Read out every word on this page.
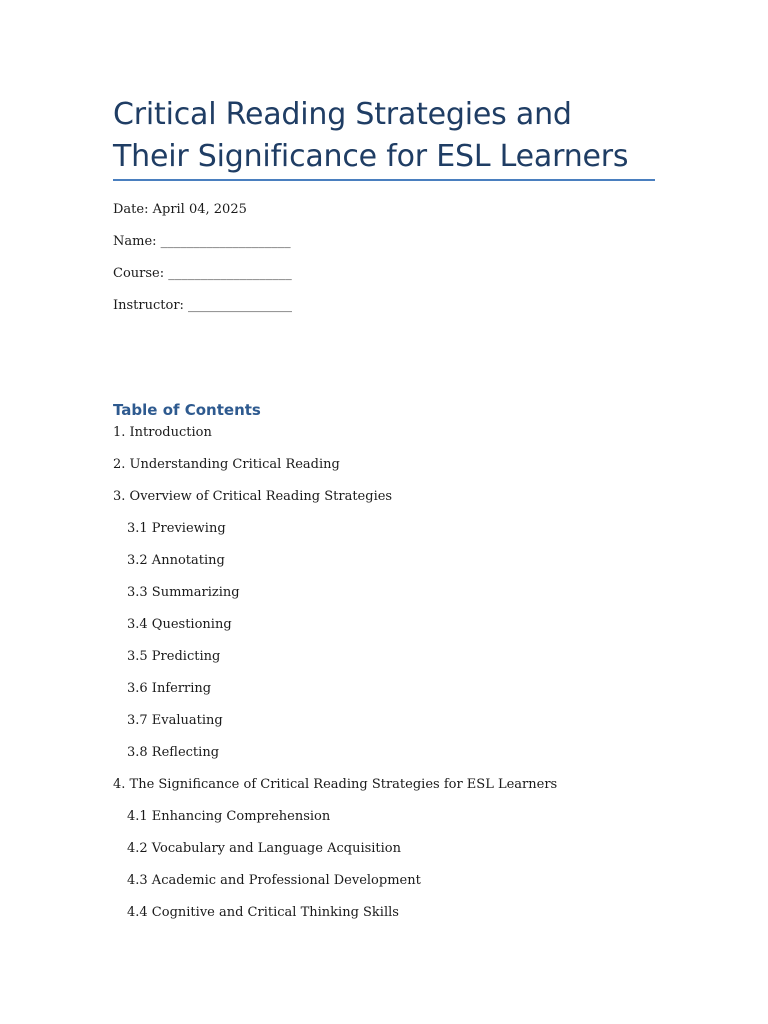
Critical Reading Strategies and Their Significance for ESL Learners
Date: April 04, 2025
Name: ____________________
Course: ___________________
Instructor: ________________
Table of Contents
1. Introduction
2. Understanding Critical Reading
3. Overview of Critical Reading Strategies
3.1 Previewing
3.2 Annotating
3.3 Summarizing
3.4 Questioning
3.5 Predicting
3.6 Inferring
3.7 Evaluating
3.8 Reflecting
4. The Significance of Critical Reading Strategies for ESL Learners
4.1 Enhancing Comprehension
4.2 Vocabulary and Language Acquisition
4.3 Academic and Professional Development
4.4 Cognitive and Critical Thinking Skills
